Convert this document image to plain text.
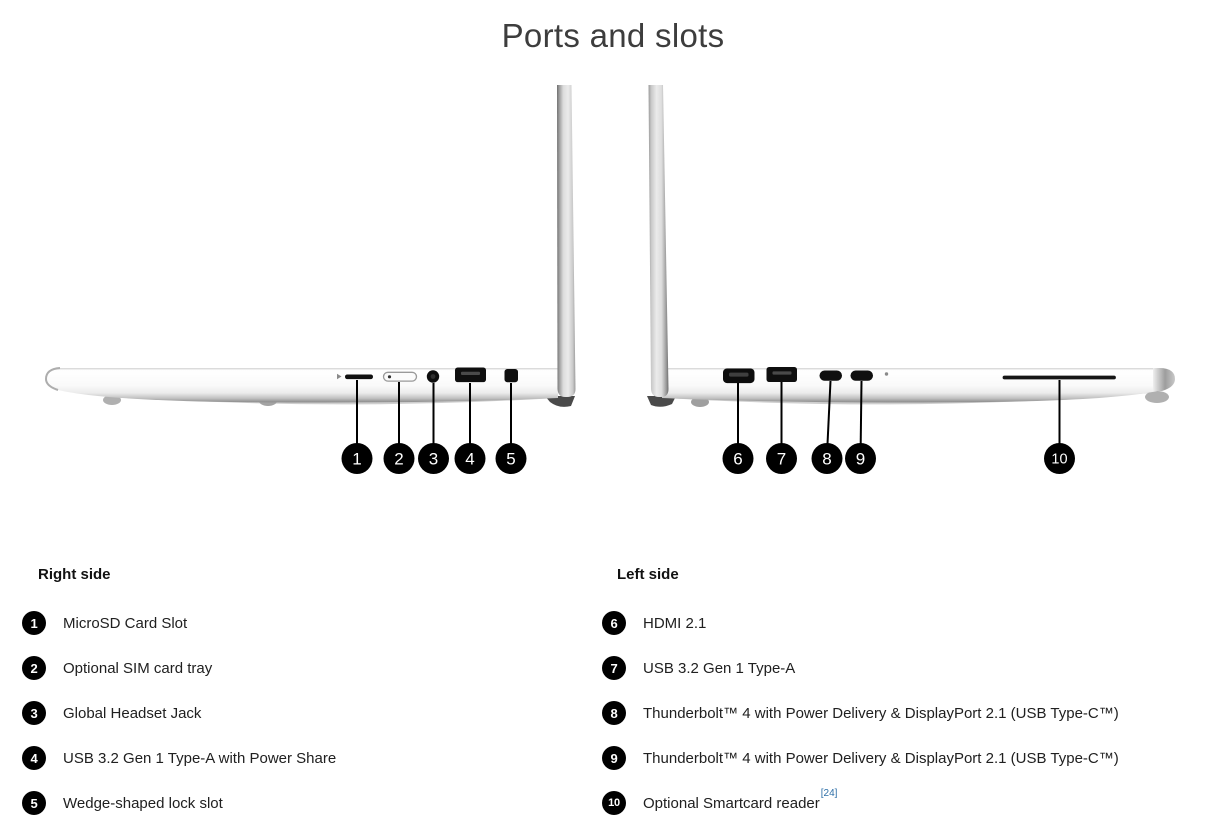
Ports and slots
1 2 3 4 5	6 7 8 9	10
Right side
1	MicroSD Card Slot
2	Optional SIM card tray
3	Global Headset Jack
4	USB 3.2 Gen 1 Type-A with Power Share
5	Wedge-shaped lock slot
Left side
6	HDMI 2.1
7	USB 3.2 Gen 1 Type-A
8	Thunderbolt™ 4 with Power Delivery & DisplayPort 2.1 (USB Type-C™)
9	Thunderbolt™ 4 with Power Delivery & DisplayPort 2.1 (USB Type-C™)
10	Optional Smartcard reader[24]
